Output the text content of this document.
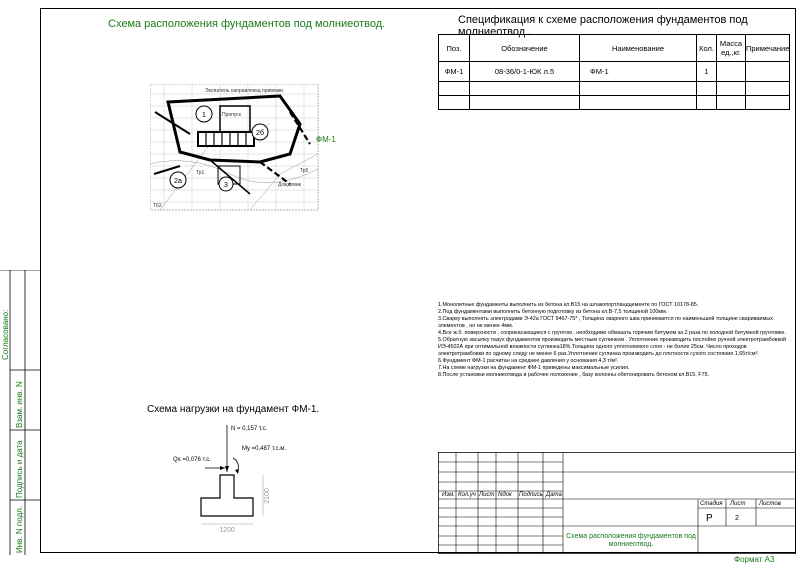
Согласовано:
Взам. инв. N
Подпись и дата
Инв. N подл.
Схема расположения фундаментов под молниеотвод.
1
2б
2а
3
Экопатель направляющ привязки
Пропуск
Тр5
Тр1
Дождевик
Т62
ФМ-1
Спецификация к схеме расположения фундаментов под молниеотвод .
Поз.	Обозначение	Наименование	Кол.	Масса ед.,кг.	Примечание
ФМ-1	08-36/0-1-ЮК л.5	ФМ-1	1		

1.Монолитные фундаменты выполнить из бетона кл.В15 на шлакопортландцементе по ГОСТ 10178-85.
2.Под фундаментами выполнить бетонную подготовку из бетона кл.В-7,5 толщиной 100мм.
3.Сварку выполнять электродами Э-42а ГОСТ 9467-75* , Толщина сварного шва принимается по наименьшей толщине свариваемых элементов , но не менее 4мм.
4.Все ж.б. поверхности , соприкасающиеся с грунтом , необходимо обмазать горячим битумом за 2 раза по холодной битумной грунтовке.
5.Обратную засыпку пазух фундаментов производить местным суглинком . Уплотнение производить послойно ручной электротрамбовкой ИЭ-4502А при оптимальной влажности суглинка18%.Толщина одного уплотняемого слоя - не более 25см. Число проходов электротрамбовки по одному следу не менее 6 раз.Уплотнение суглинка производить до плотности сухого состояния 1,65т/см³.
6.Фундамент ФМ-1 расчитан на среднее давления у основания 4,3 т/м².
7.На схеме нагрузки на фундамент ФМ-1 приведены максимальные усилия.
8.После установки молниеотвода в рабочее положение , базу колонны обетонировать бетоном кл.В15, F75.
Схема нагрузки на фундамент ФМ-1.
1200
2100
N = 0,157 т.с.
Qx =0,076 т.с.
My =0,487 т.с.м.
Изм. Кол.уч Лист Nдок Подпись Дата
Стадия Лист Листов
Р	2
Схема расположения фундаментов под молниеотвод.
Формат А3
